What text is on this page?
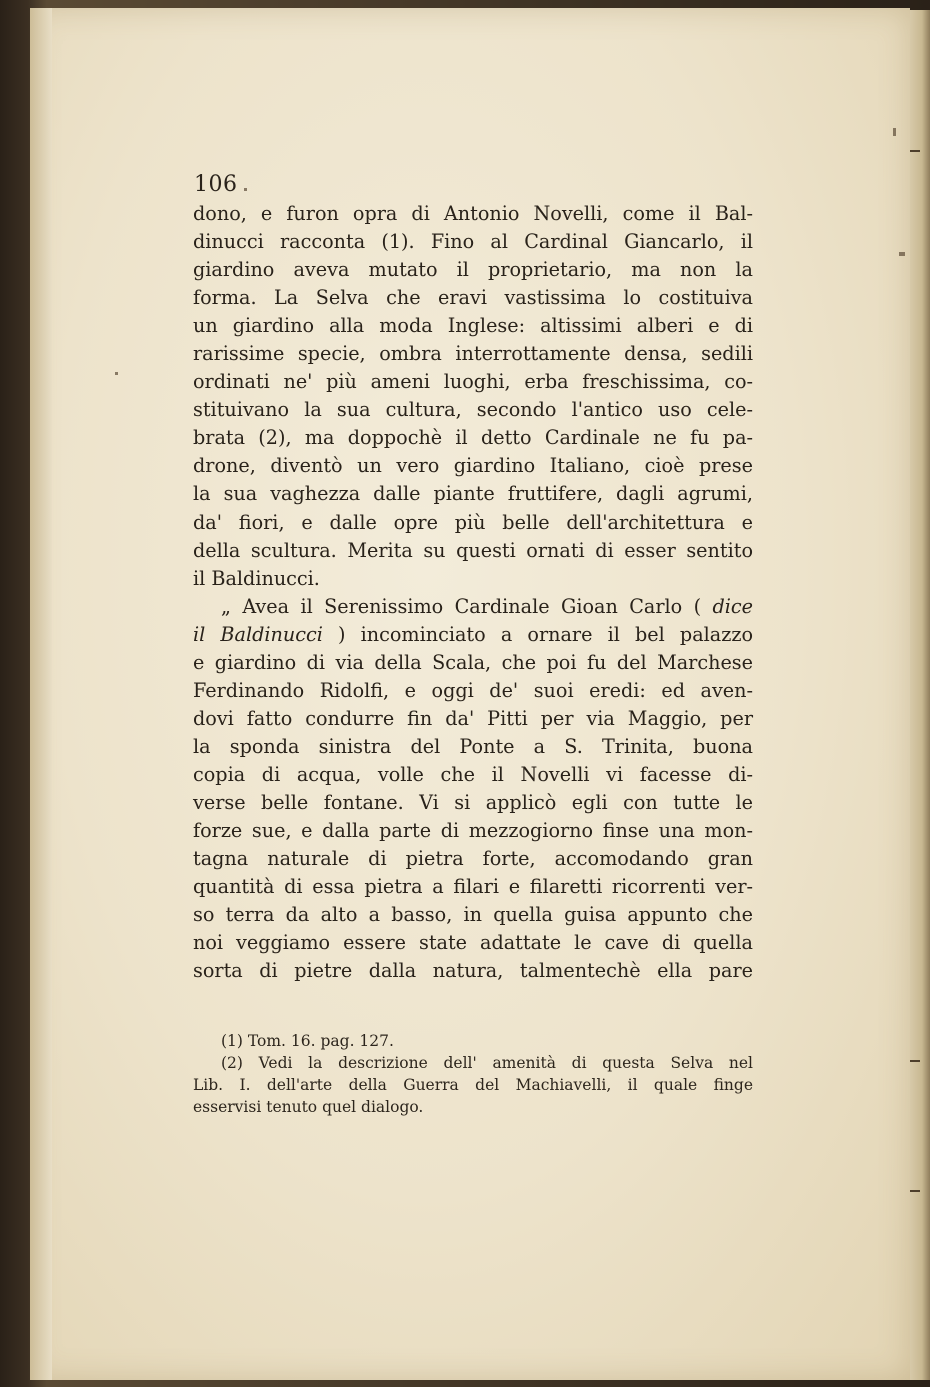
106
dono, e furon opra di Antonio Novelli, come il Bal-
dinucci racconta (1). Fino al Cardinal Giancarlo, il
giardino aveva mutato il proprietario, ma non la
forma. La Selva che eravi vastissima lo costituiva
un giardino alla moda Inglese: altissimi alberi e di
rarissime specie, ombra interrottamente densa, sedili
ordinati ne' più ameni luoghi, erba freschissima, co-
stituivano la sua cultura, secondo l'antico uso cele-
brata (2), ma doppochè il detto Cardinale ne fu pa-
drone, diventò un vero giardino Italiano, cioè prese
la sua vaghezza dalle piante fruttifere, dagli agrumi,
da' fiori, e dalle opre più belle dell'architettura e
della scultura. Merita su questi ornati di esser sentito
il Baldinucci.
„ Avea il Serenissimo Cardinale Gioan Carlo ( dice
il Baldinucci ) incominciato a ornare il bel palazzo
e giardino di via della Scala, che poi fu del Marchese
Ferdinando Ridolfi, e oggi de' suoi eredi: ed aven-
dovi fatto condurre fin da' Pitti per via Maggio, per
la sponda sinistra del Ponte a S. Trinita, buona
copia di acqua, volle che il Novelli vi facesse di-
verse belle fontane. Vi si applicò egli con tutte le
forze sue, e dalla parte di mezzogiorno finse una mon-
tagna naturale di pietra forte, accomodando gran
quantità di essa pietra a filari e filaretti ricorrenti ver-
so terra da alto a basso, in quella guisa appunto che
noi veggiamo essere state adattate le cave di quella
sorta di pietre dalla natura, talmentechè ella pare
(1) Tom. 16. pag. 127.
(2) Vedi la descrizione dell' amenità di questa Selva nel
Lib. I. dell'arte della Guerra del Machiavelli, il quale finge
esservisi tenuto quel dialogo.
